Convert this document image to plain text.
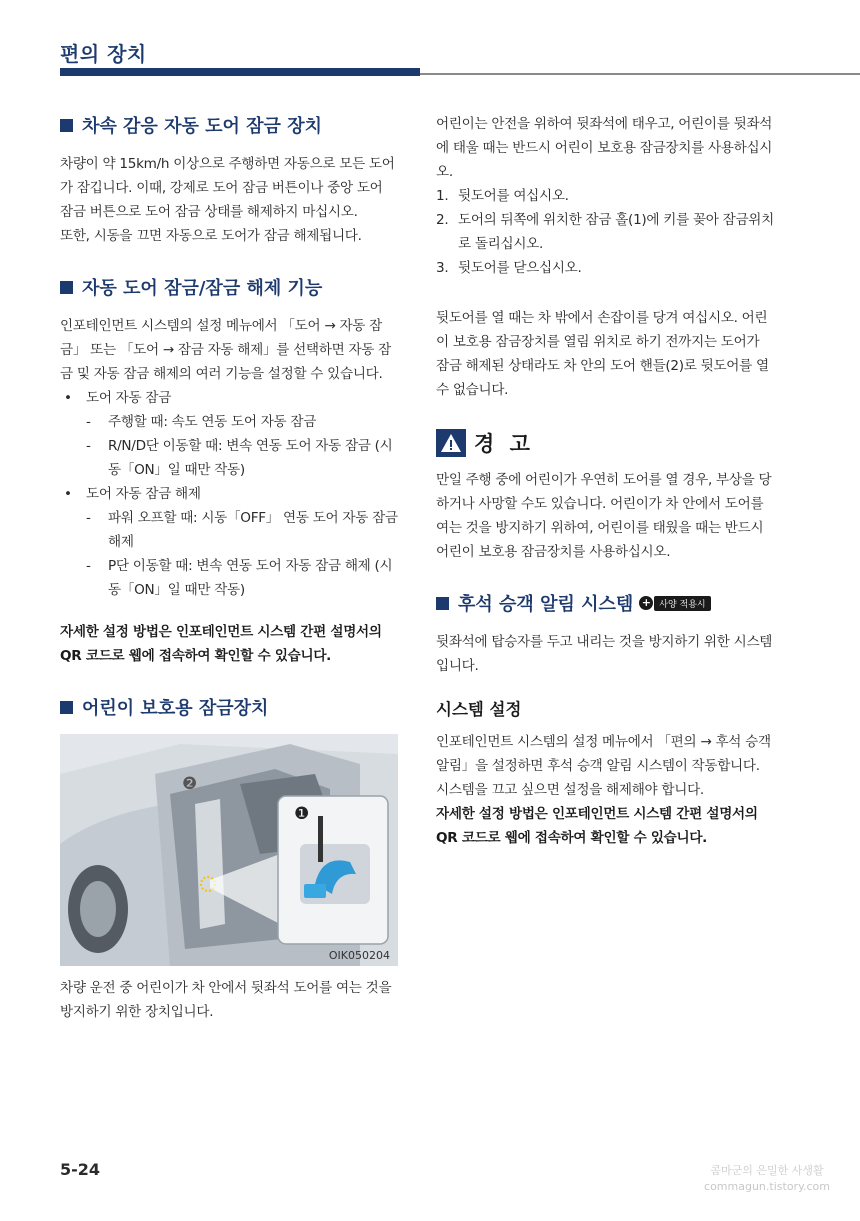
편의 장치
차속 감응 자동 도어 잠금 장치

차량이 약 15km/h 이상으로 주행하면 자동으로 모든 도어가 잠깁니다. 이때, 강제로 도어 잠금 버튼이나 중앙 도어 잠금 버튼으로 도어 잠금 상태를 해제하지 마십시오.

또한, 시동을 끄면 자동으로 도어가 잠금 해제됩니다.

자동 도어 잠금/잠금 해제 기능

인포테인먼트 시스템의 설정 메뉴에서 「도어 → 자동 잠금」 또는 「도어 → 잠금 자동 해제」를 선택하면 자동 잠금 및 자동 잠금 해제의 여러 기능을 설정할 수 있습니다.

•	도어 자동 잠금
-	주행할 때: 속도 연동 도어 자동 잠금
-	R/N/D단 이동할 때: 변속 연동 도어 자동 잠금 (시동「ON」일 때만 작동)
•	도어 자동 잠금 해제
-	파워 오프할 때: 시동「OFF」 연동 도어 자동 잠금 해제
-	P단 이동할 때: 변속 연동 도어 자동 잠금 해제 (시동「ON」일 때만 작동)

자세한 설정 방법은 인포테인먼트 시스템 간편 설명서의 QR 코드로 웹에 접속하여 확인할 수 있습니다.

어린이 보호용 잠금장치
❶
❷
OIK050204

차량 운전 중 어린이가 차 안에서 뒷좌석 도어를 여는 것을 방지하기 위한 장치입니다.

어린이는 안전을 위하여 뒷좌석에 태우고, 어린이를 뒷좌석에 태울 때는 반드시 어린이 보호용 잠금장치를 사용하십시오.

1. 뒷도어를 여십시오.
2. 도어의 뒤쪽에 위치한 잠금 홀(1)에 키를 꽂아 잠금위치로 돌리십시오.
3. 뒷도어를 닫으십시오.

뒷도어를 열 때는 차 밖에서 손잡이를 당겨 여십시오. 어린이 보호용 잠금장치를 열림 위치로 하기 전까지는 도어가 잠금 해제된 상태라도 차 안의 도어 핸들(2)로 뒷도어를 열 수 없습니다.

경 고

만일 주행 중에 어린이가 우연히 도어를 열 경우, 부상을 당하거나 사망할 수도 있습니다. 어린이가 차 안에서 도어를 여는 것을 방지하기 위하여, 어린이를 태웠을 때는 반드시 어린이 보호용 잠금장치를 사용하십시오.

후석 승객 알림 시스템 + 사양 적용시

뒷좌석에 탑승자를 두고 내리는 것을 방지하기 위한 시스템입니다.

시스템 설정

인포테인먼트 시스템의 설정 메뉴에서 「편의 → 후석 승객 알림」을 설정하면 후석 승객 알림 시스템이 작동합니다. 시스템을 끄고 싶으면 설정을 해제해야 합니다.

자세한 설정 방법은 인포테인먼트 시스템 간편 설명서의 QR 코드로 웹에 접속하여 확인할 수 있습니다.

5-24	콤마군의 은밀한 사생활
commagun.tistory.com
